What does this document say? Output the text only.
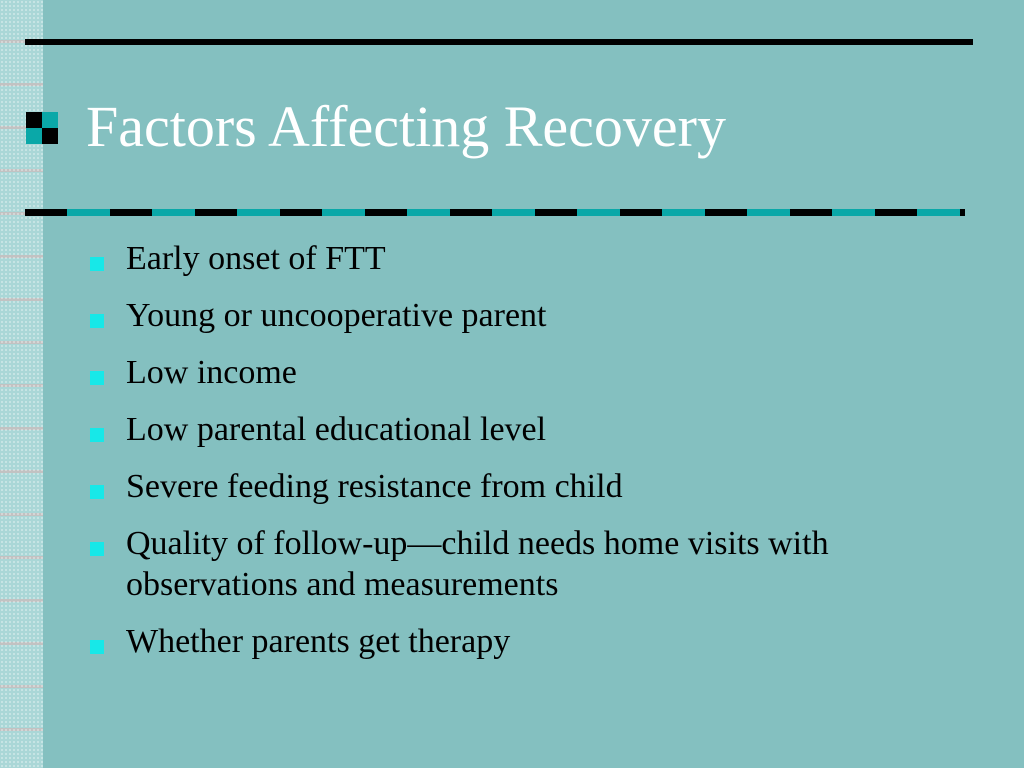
Factors Affecting Recovery
Early onset of FTT
Young or uncooperative parent
Low income
Low parental educational level
Severe feeding resistance from child
Quality of follow-up—child needs home visits with observations and measurements
Whether parents get therapy
